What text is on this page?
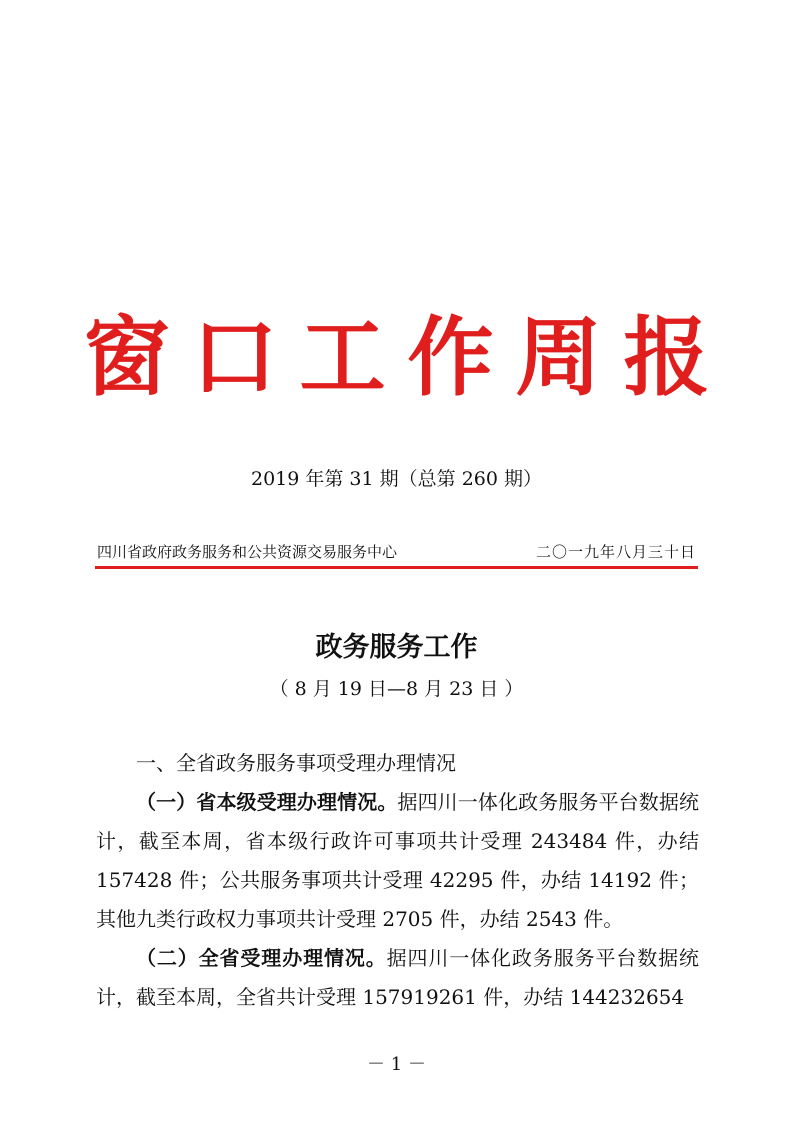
窗口工作周报
2019 年第 31 期（总第 260 期）
四川省政府政务服务和公共资源交易服务中心	二〇一九年八月三十日
政务服务工作
（ 8 月 19 日—8 月 23 日 ）
一、全省政务服务事项受理办理情况

（一）省本级受理办理情况。据四川一体化政务服务平台数据统计，截至本周，省本级行政许可事项共计受理 243484 件，办结 157428 件；公共服务事项共计受理 42295 件，办结 14192 件；其他九类行政权力事项共计受理 2705 件，办结 2543 件。

（二）全省受理办理情况。据四川一体化政务服务平台数据统计，截至本周，全省共计受理 157919261 件，办结 144232654

－ 1 －
